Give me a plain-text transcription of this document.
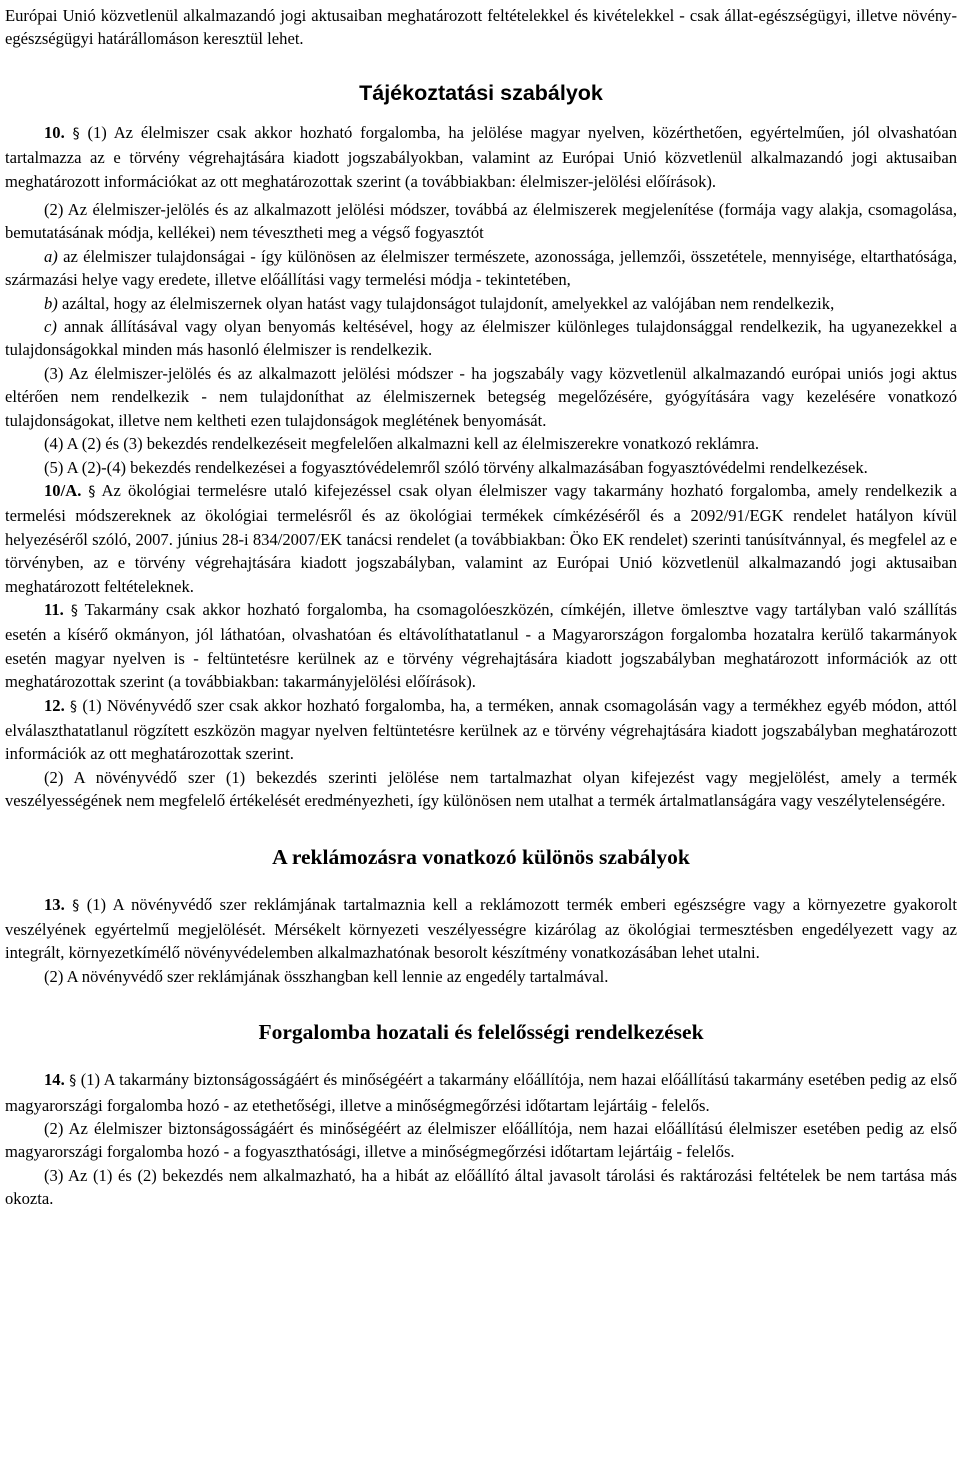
Európai Unió közvetlenül alkalmazandó jogi aktusaiban meghatározott feltételekkel és kivételekkel - csak állat-egészségügyi, illetve növény-egészségügyi határállomáson keresztül lehet.

Tájékoztatási szabályok

10. § (1) Az élelmiszer csak akkor hozható forgalomba, ha jelölése magyar nyelven, közérthetően, egyértelműen, jól olvashatóan tartalmazza az e törvény végrehajtására kiadott jogszabályokban, valamint az Európai Unió közvetlenül alkalmazandó jogi aktusaiban meghatározott információkat az ott meghatározottak szerint (a továbbiakban: élelmiszer-jelölési előírások).

(2) Az élelmiszer-jelölés és az alkalmazott jelölési módszer, továbbá az élelmiszerek megjelenítése (formája vagy alakja, csomagolása, bemutatásának módja, kellékei) nem tévesztheti meg a végső fogyasztót

a) az élelmiszer tulajdonságai - így különösen az élelmiszer természete, azonossága, jellemzői, összetétele, mennyisége, eltarthatósága, származási helye vagy eredete, illetve előállítási vagy termelési módja - tekintetében,

b) azáltal, hogy az élelmiszernek olyan hatást vagy tulajdonságot tulajdonít, amelyekkel az valójában nem rendelkezik,

c) annak állításával vagy olyan benyomás keltésével, hogy az élelmiszer különleges tulajdonsággal rendelkezik, ha ugyanezekkel a tulajdonságokkal minden más hasonló élelmiszer is rendelkezik.

(3) Az élelmiszer-jelölés és az alkalmazott jelölési módszer - ha jogszabály vagy közvetlenül alkalmazandó európai uniós jogi aktus eltérően nem rendelkezik - nem tulajdoníthat az élelmiszernek betegség megelőzésére, gyógyítására vagy kezelésére vonatkozó tulajdonságokat, illetve nem keltheti ezen tulajdonságok meglétének benyomását.

(4) A (2) és (3) bekezdés rendelkezéseit megfelelően alkalmazni kell az élelmiszerekre vonatkozó reklámra.

(5) A (2)-(4) bekezdés rendelkezései a fogyasztóvédelemről szóló törvény alkalmazásában fogyasztóvédelmi rendelkezések.

10/A. § Az ökológiai termelésre utaló kifejezéssel csak olyan élelmiszer vagy takarmány hozható forgalomba, amely rendelkezik a termelési módszereknek az ökológiai termelésről és az ökológiai termékek címkézéséről és a 2092/91/EGK rendelet hatályon kívül helyezéséről szóló, 2007. június 28-i 834/2007/EK tanácsi rendelet (a továbbiakban: Öko EK rendelet) szerinti tanúsítvánnyal, és megfelel az e törvényben, az e törvény végrehajtására kiadott jogszabályban, valamint az Európai Unió közvetlenül alkalmazandó jogi aktusaiban meghatározott feltételeknek.

11. § Takarmány csak akkor hozható forgalomba, ha csomagolóeszközén, címkéjén, illetve ömlesztve vagy tartályban való szállítás esetén a kísérő okmányon, jól láthatóan, olvashatóan és eltávolíthatatlanul - a Magyarországon forgalomba hozatalra kerülő takarmányok esetén magyar nyelven is - feltüntetésre kerülnek az e törvény végrehajtására kiadott jogszabályban meghatározott információk az ott meghatározottak szerint (a továbbiakban: takarmányjelölési előírások).

12. § (1) Növényvédő szer csak akkor hozható forgalomba, ha, a terméken, annak csomagolásán vagy a termékhez egyéb módon, attól elválaszthatatlanul rögzített eszközön magyar nyelven feltüntetésre kerülnek az e törvény végrehajtására kiadott jogszabályban meghatározott információk az ott meghatározottak szerint.

(2) A növényvédő szer (1) bekezdés szerinti jelölése nem tartalmazhat olyan kifejezést vagy megjelölést, amely a termék veszélyességének nem megfelelő értékelését eredményezheti, így különösen nem utalhat a termék ártalmatlanságára vagy veszélytelenségére.

A reklámozásra vonatkozó különös szabályok

13. § (1) A növényvédő szer reklámjának tartalmaznia kell a reklámozott termék emberi egészségre vagy a környezetre gyakorolt veszélyének egyértelmű megjelölését. Mérsékelt környezeti veszélyességre kizárólag az ökológiai termesztésben engedélyezett vagy az integrált, környezetkímélő növényvédelemben alkalmazhatónak besorolt készítmény vonatkozásában lehet utalni.

(2) A növényvédő szer reklámjának összhangban kell lennie az engedély tartalmával.

Forgalomba hozatali és felelősségi rendelkezések

14. § (1) A takarmány biztonságosságáért és minőségéért a takarmány előállítója, nem hazai előállítású takarmány esetében pedig az első magyarországi forgalomba hozó - az etethetőségi, illetve a minőségmegőrzési időtartam lejártáig - felelős.

(2) Az élelmiszer biztonságosságáért és minőségéért az élelmiszer előállítója, nem hazai előállítású élelmiszer esetében pedig az első magyarországi forgalomba hozó - a fogyaszthatósági, illetve a minőségmegőrzési időtartam lejártáig - felelős.

(3) Az (1) és (2) bekezdés nem alkalmazható, ha a hibát az előállító által javasolt tárolási és raktározási feltételek be nem tartása más okozta.
